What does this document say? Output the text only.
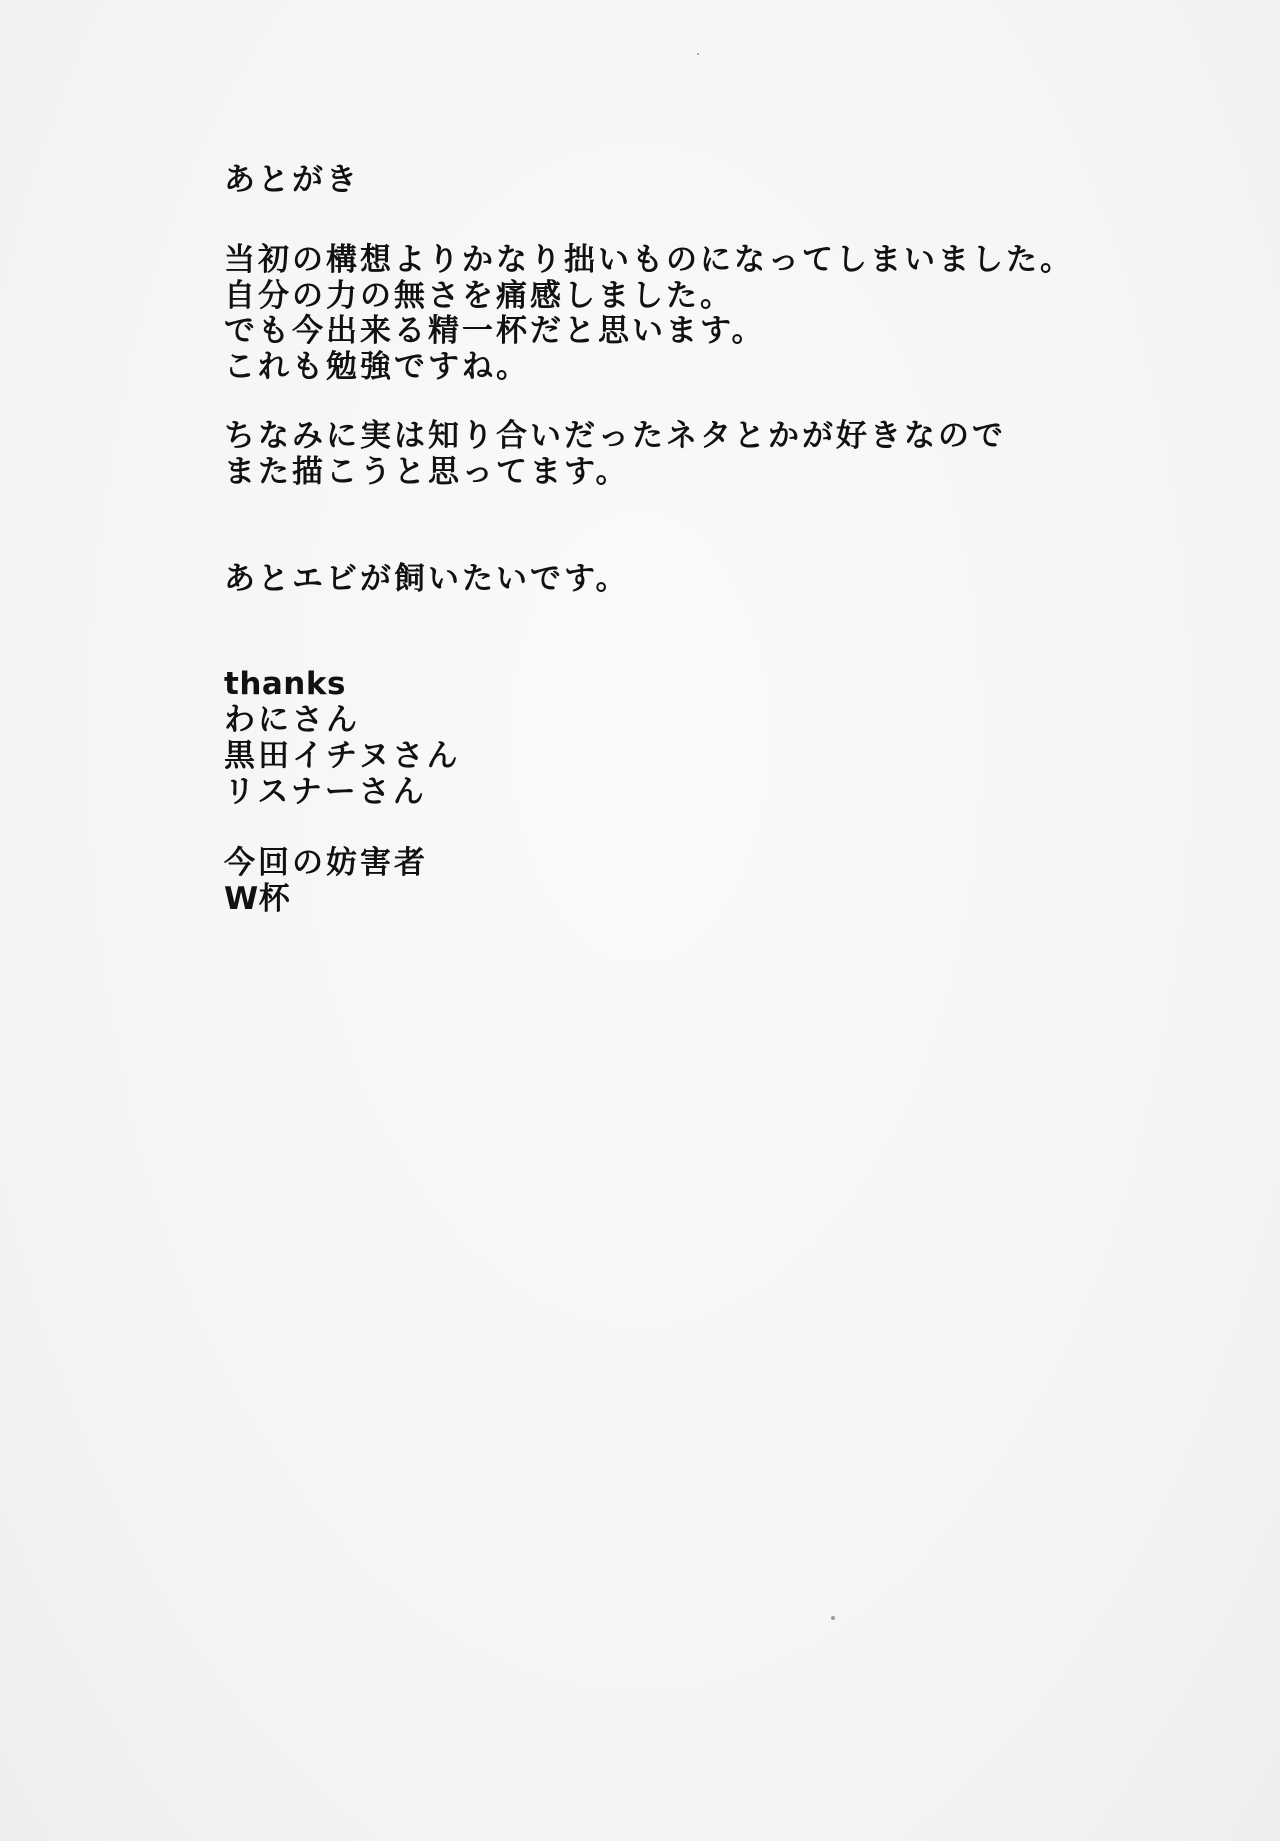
あとがき
当初の構想よりかなり拙いものになってしまいました。
自分の力の無さを痛感しました。
でも今出来る精一杯だと思います。
これも勉強ですね。
ちなみに実は知り合いだったネタとかが好きなので
また描こうと思ってます。
あとエビが飼いたいです。
thanks
わにさん
黒田イチヌさん
リスナーさん
今回の妨害者
W杯
